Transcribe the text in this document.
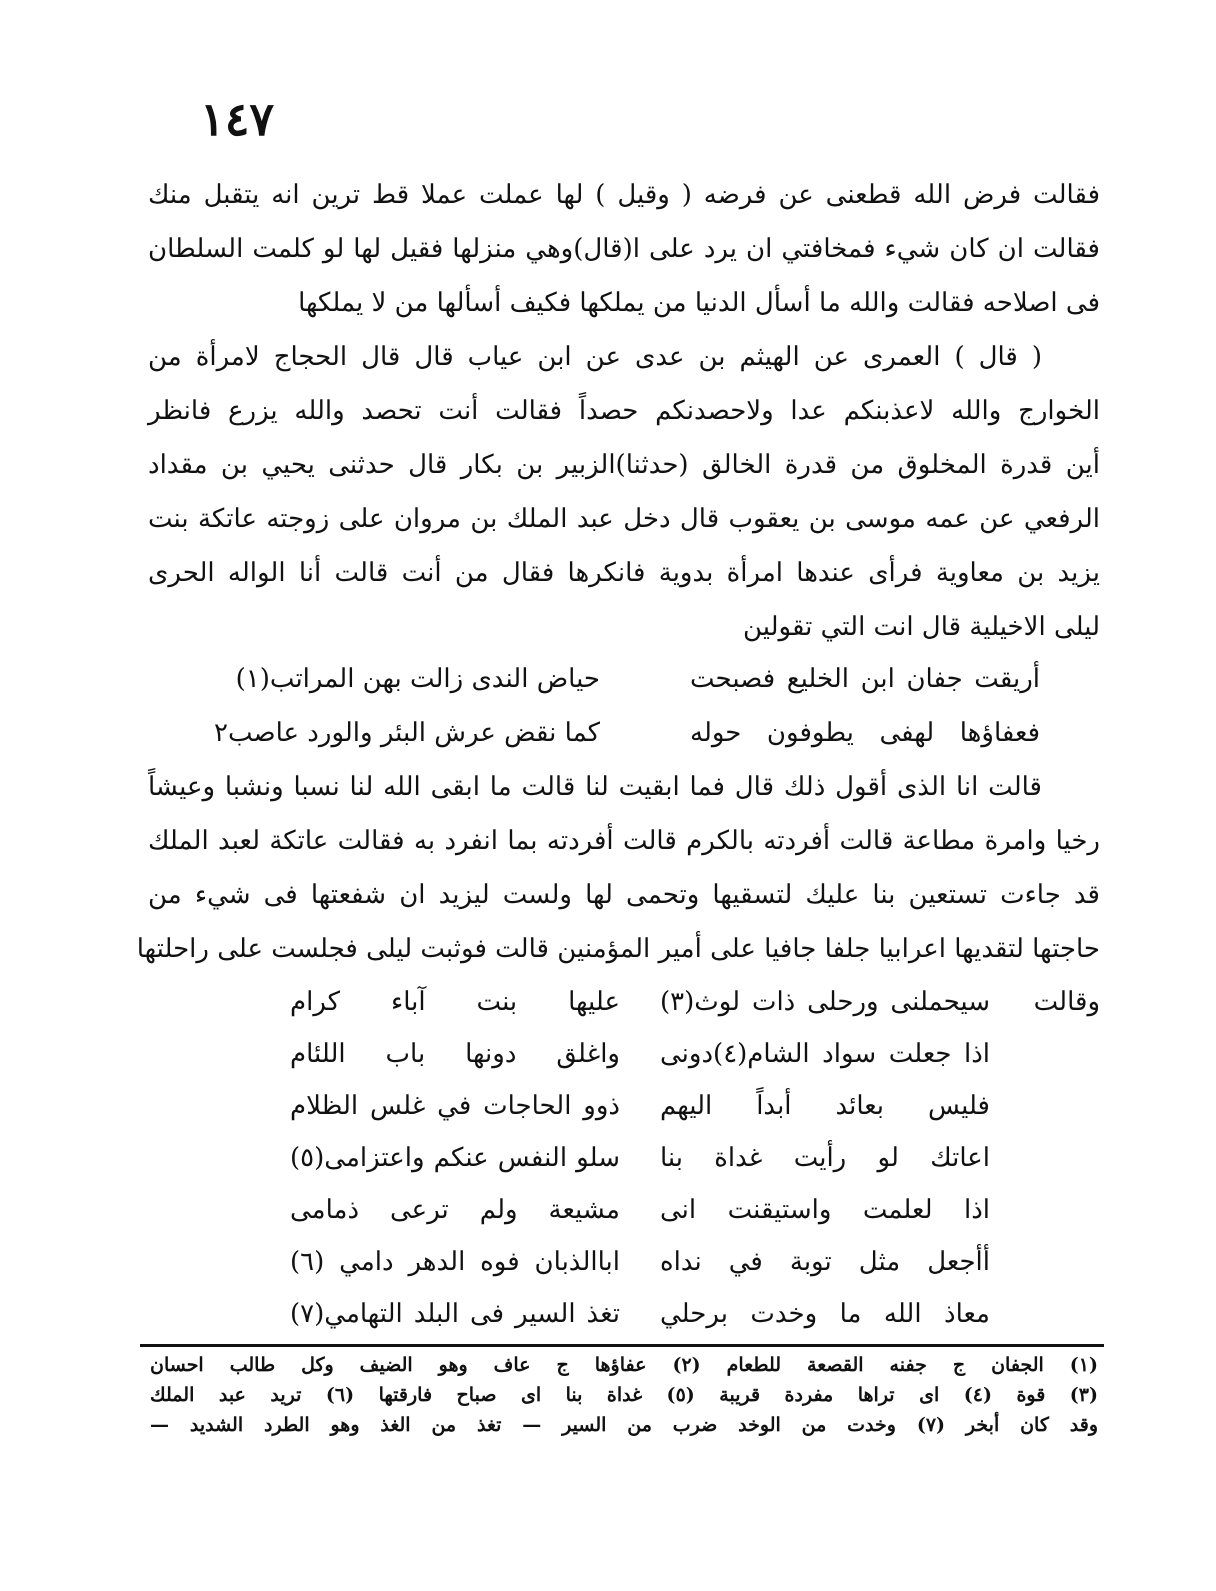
١٤٧
فقالت فرض الله قطعنى عن فرضه ( وقيل ) لها عملت عملا قط ترين انه يتقبل منك
فقالت ان كان شيء فمخافتي ان يرد على ا(قال)وهي منزلها فقيل لها لو كلمت السلطان
فى اصلاحه فقالت والله ما أسأل الدنيا من يملكها فكيف أسألها من لا يملكها
( قال ) العمرى عن الهيثم بن عدى عن ابن عياب قال قال الحجاج لامرأة من
الخوارج والله لاعذبنكم عدا ولاحصدنكم حصداً فقالت أنت تحصد والله يزرع فانظر
أين قدرة المخلوق من قدرة الخالق (حدثنا)الزبير بن بكار قال حدثنى يحيي بن مقداد
الرفعي عن عمه موسى بن يعقوب قال دخل عبد الملك بن مروان على زوجته عاتكة بنت
يزيد بن معاوية فرأى عندها امرأة بدوية فانكرها فقال من أنت قالت أنا الواله الحرى
ليلى الاخيلية قال انت التي تقولين
أريقت جفان ابن الخليع فصبحت
حياض الندى زالت بهن المراتب(١)
فعفاؤها لهفى يطوفون حوله
كما نقض عرش البئر والورد عاصب٢
قالت انا الذى أقول ذلك قال فما ابقيت لنا قالت ما ابقى الله لنا نسبا ونشبا وعيشاً
رخيا وامرة مطاعة قالت أفردته بالكرم قالت أفردته بما انفرد به فقالت عاتكة لعبد الملك
قد جاءت تستعين بنا عليك لتسقيها وتحمى لها ولست ليزيد ان شفعتها فى شيء من
حاجتها لتقديها اعرابيا جلفا جافيا على أمير المؤمنين قالت فوثبت ليلى فجلست على راحلتها
وقالت
سيحملنى ورحلى ذات لوث(٣)
عليها بنت آباء كرام
اذا جعلت سواد الشام(٤)دونى
واغلق دونها باب اللئام
فليس بعائد أبداً اليهم
ذوو الحاجات في غلس الظلام
اعاتك لو رأيت غداة بنا
سلو النفس عنكم واعتزامى(٥)
اذا لعلمت واستيقنت انى
مشيعة ولم ترعى ذمامى
أأجعل مثل توبة في نداه
اباالذبان فوه الدهر دامي (٦)
معاذ الله ما وخدت برحلي
تغذ السير فى البلد التهامي(٧)
(١) الجفان ج جفنه القصعة للطعام (٢) عفاؤها ج عاف وهو الضيف وكل طالب احسان
(٣) قوة (٤) اى تراها مفردة قريبة (٥) غداة بنا اى صباح فارقتها (٦) تريد عبد الملك
وقد كان أبخر (٧) وخدت من الوخد ضرب من السير — تغذ من الغذ وهو الطرد الشديد —
